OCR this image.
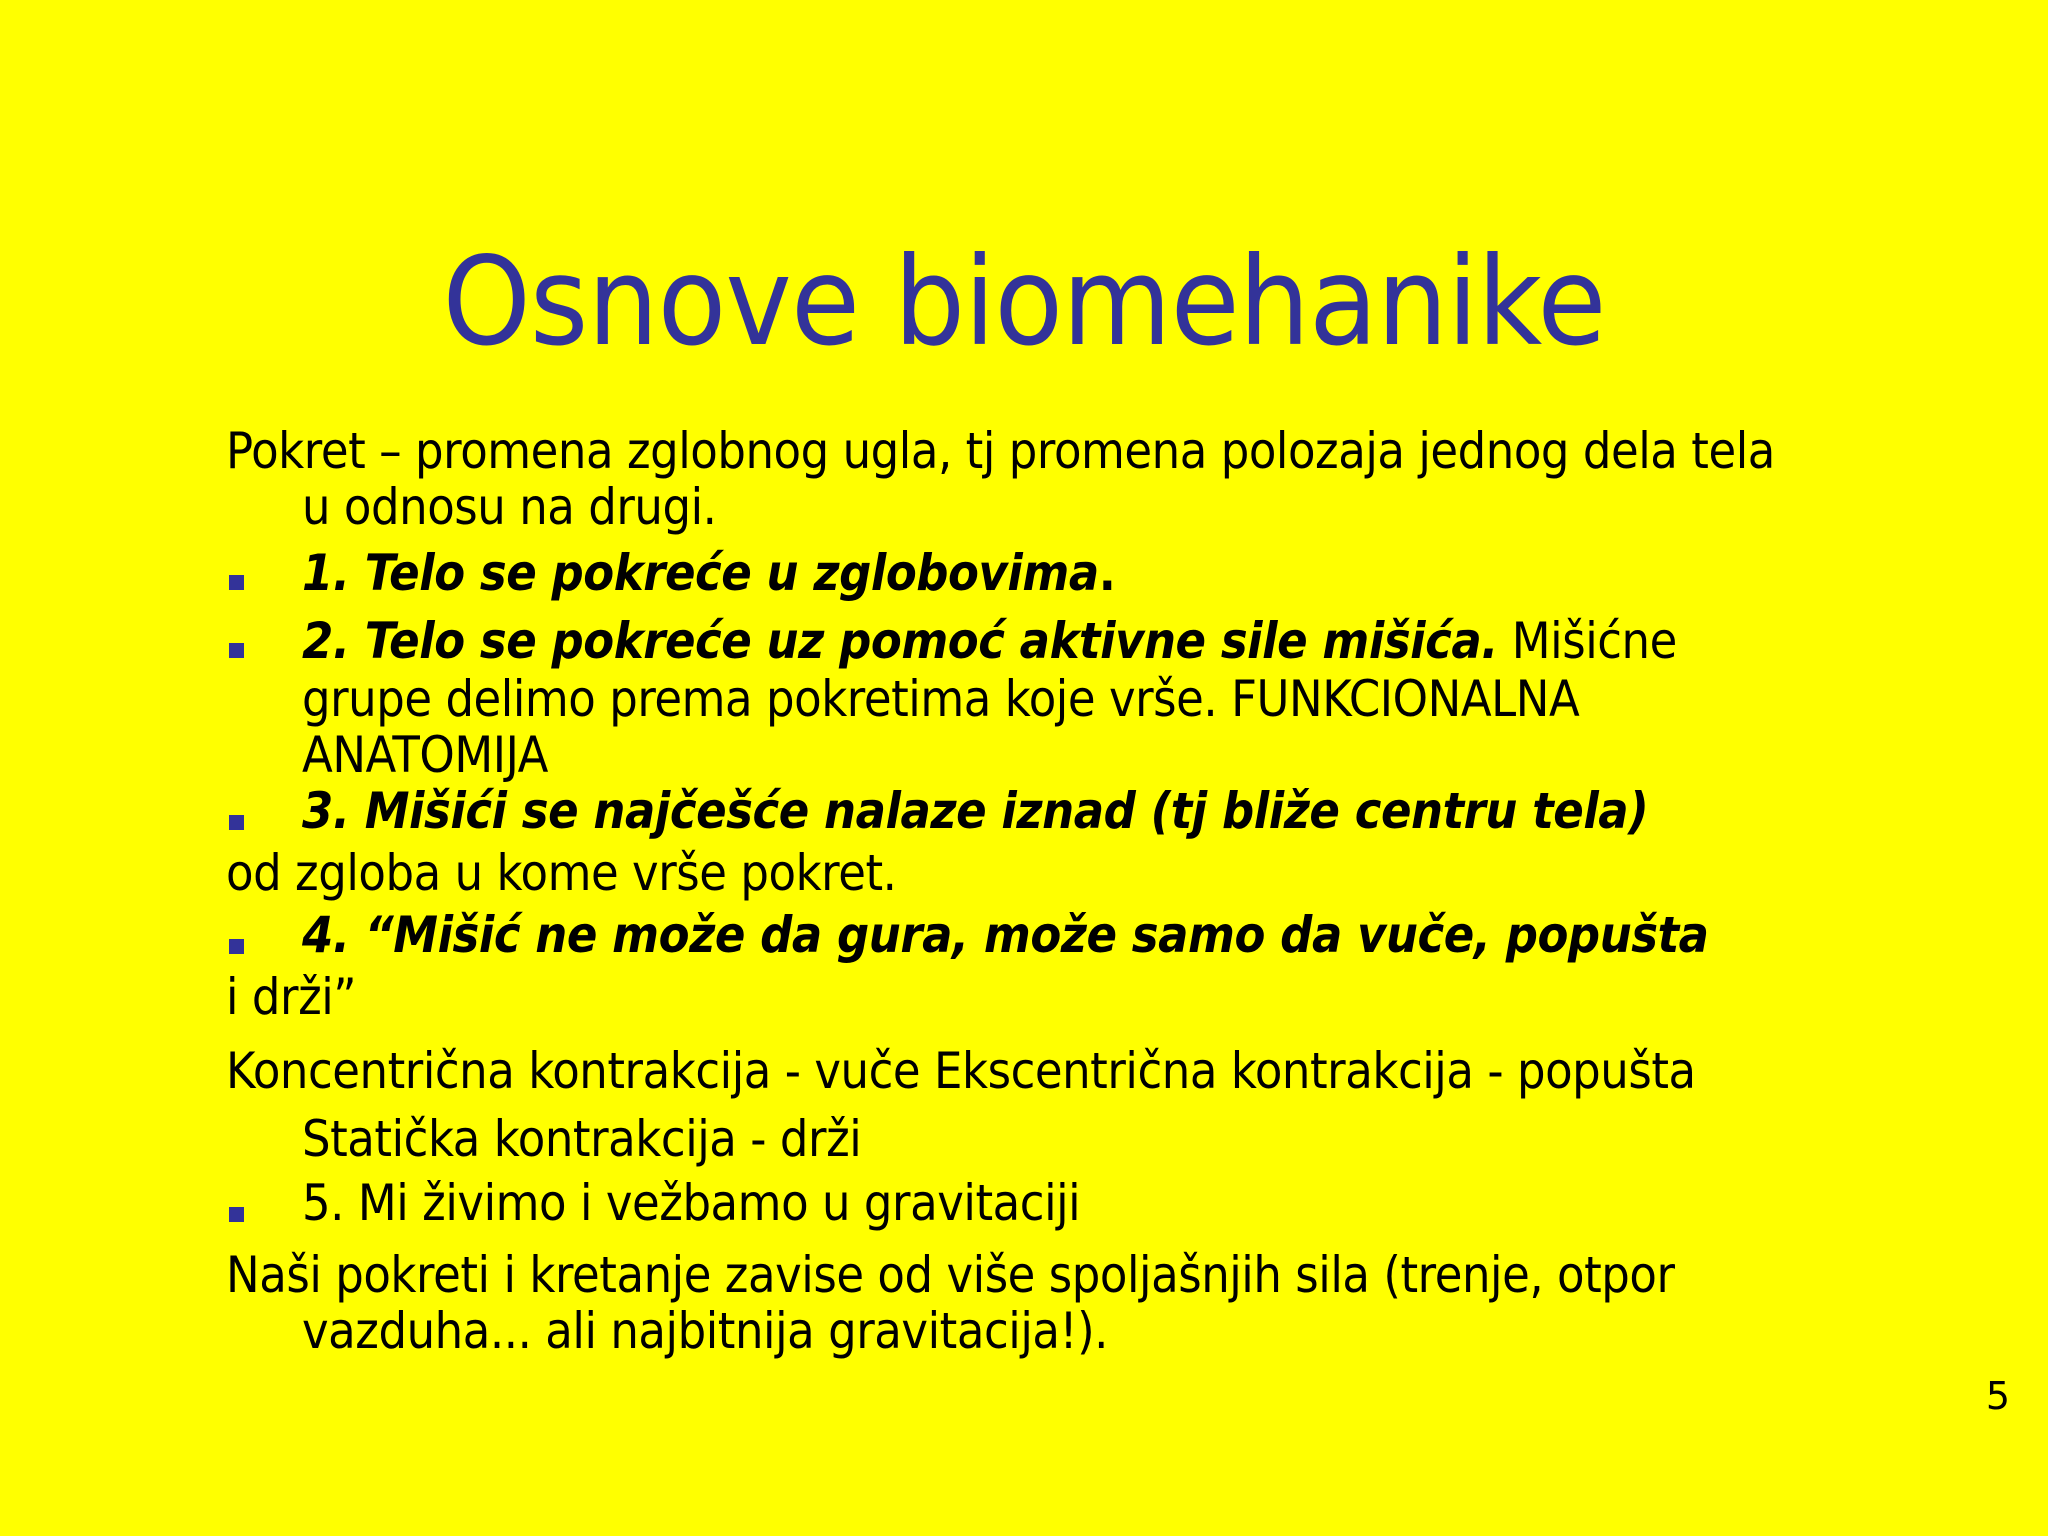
Osnove biomehanike
Pokret – promena zglobnog ugla, tj promena polozaja jednog dela tela
u odnosu na drugi.
1. Telo se pokreće u zglobovima.
2. Telo se pokreće uz pomoć aktivne sile mišića. Mišićne
grupe delimo prema pokretima koje vrše. FUNKCIONALNA
ANATOMIJA
3. Mišići se najčešće nalaze iznad (tj bliže centru tela)
od zgloba u kome vrše pokret.
4. “Mišić ne može da gura, može samo da vuče, popušta
i drži”
Koncentrična kontrakcija - vuče Ekscentrična kontrakcija - popušta
Statička kontrakcija - drži
5. Mi živimo i vežbamo u gravitaciji
Naši pokreti i kretanje zavise od više spoljašnjih sila (trenje, otpor
vazduha... ali najbitnija gravitacija!).
5
